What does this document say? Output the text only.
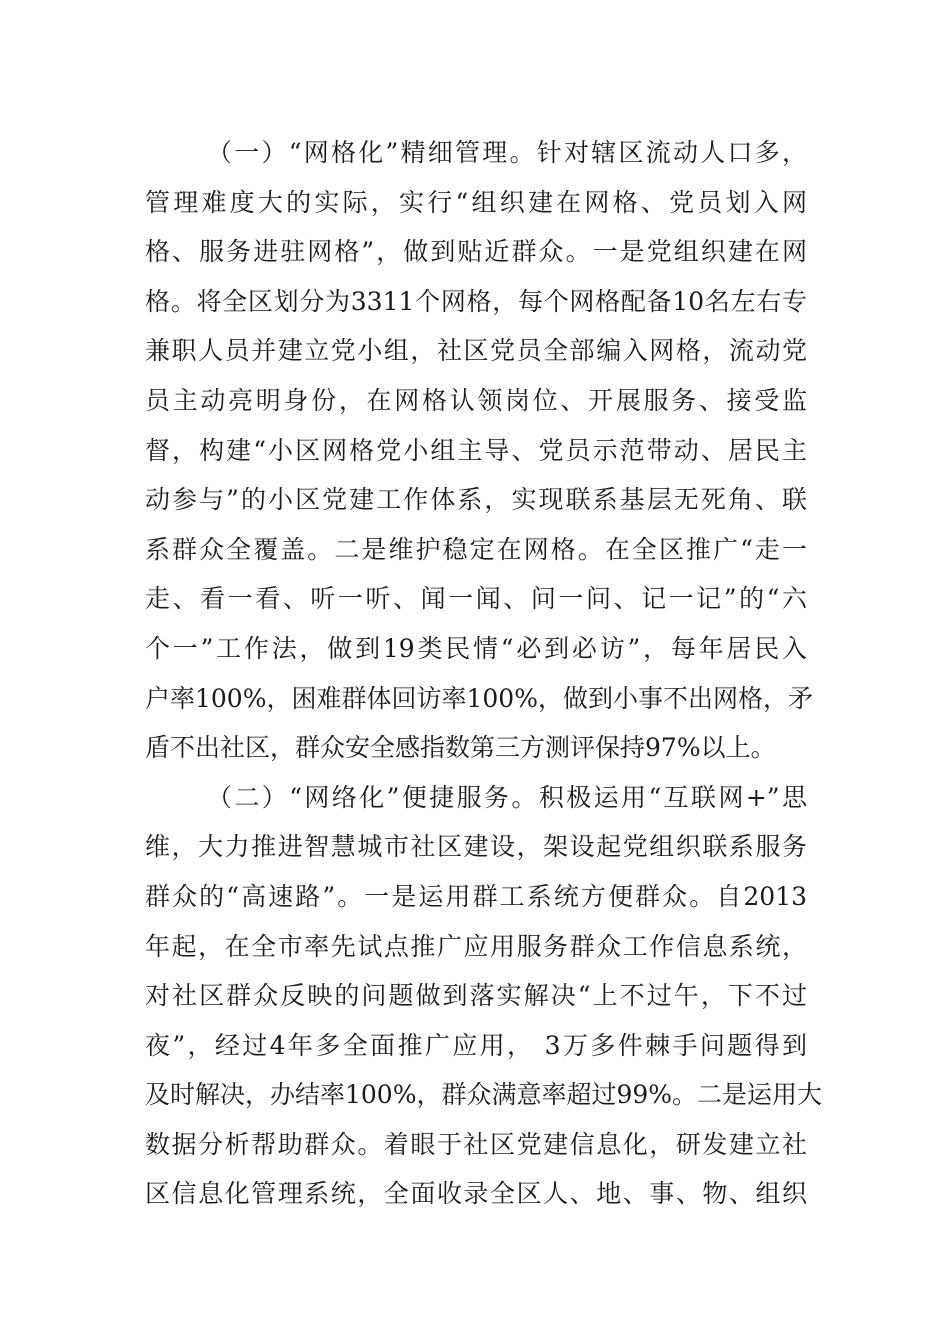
（一）“网格化”精细管理。针对辖区流动人口多，
管理难度大的实际，实行“组织建在网格、党员划入网
格、服务进驻网格”，做到贴近群众。一是党组织建在网
格。将全区划分为3311个网格，每个网格配备10名左右专
兼职人员并建立党小组，社区党员全部编入网格，流动党
员主动亮明身份，在网格认领岗位、开展服务、接受监
督，构建“小区网格党小组主导、党员示范带动、居民主
动参与”的小区党建工作体系，实现联系基层无死角、联
系群众全覆盖。二是维护稳定在网格。在全区推广“走一
走、看一看、听一听、闻一闻、问一问、记一记”的“六
个一”工作法，做到19类民情“必到必访”，每年居民入
户率100%，困难群体回访率100%，做到小事不出网格，矛
盾不出社区，群众安全感指数第三方测评保持97%以上。
（二）“网络化”便捷服务。积极运用“互联网+”思
维，大力推进智慧城市社区建设，架设起党组织联系服务
群众的“高速路”。一是运用群工系统方便群众。自2013
年起，在全市率先试点推广应用服务群众工作信息系统，
对社区群众反映的问题做到落实解决“上不过午，下不过
夜”，经过4年多全面推广应用， 3万多件棘手问题得到
及时解决，办结率100%，群众满意率超过99%。二是运用大
数据分析帮助群众。着眼于社区党建信息化，研发建立社
区信息化管理系统，全面收录全区人、地、事、物、组织
